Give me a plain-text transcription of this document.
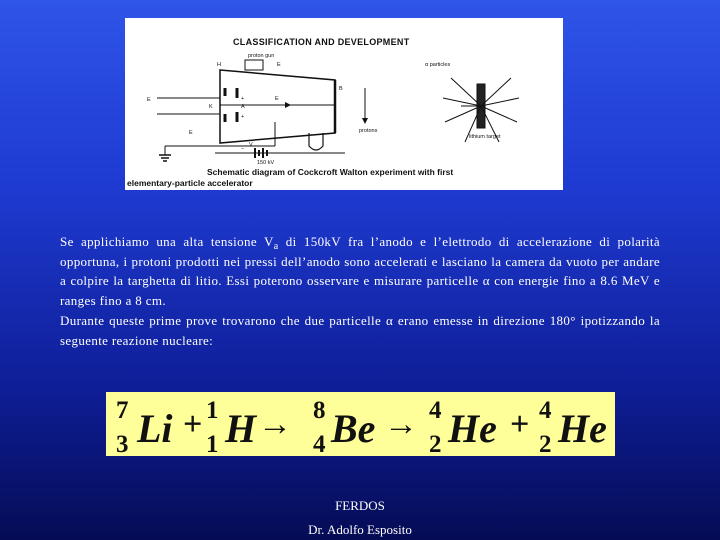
CLASSIFICATION AND DEVELOPMENT
proton gun
H	E
B
K	A
+
+
E
E
E
V
−
150 kV
protons
α particles
lithium target
Schematic diagram of Cockcroft Walton experiment with first
elementary-particle accelerator

Se applichiamo una alta tensione $V_a$ di 150kV fra l’anodo e l’elettrodo di accelerazione di polarità opportuna, i protoni prodotti nei pressi dell’anodo sono accelerati e lasciano la camera da vuoto per andare a colpire la targhetta di litio. Essi poterono osservare e misurare particelle α con energie fino a 8.6 MeV e ranges fino a 8 cm.

Durante queste prime prove trovarono che due particelle α erano emesse in direzione 180° ipotizzando la seguente reazione nucleare:

7
3 Li + 1
1 H → 8
4 Be → 4
2 He + 4
2 He
FERDOS
Dr. Adolfo Esposito
